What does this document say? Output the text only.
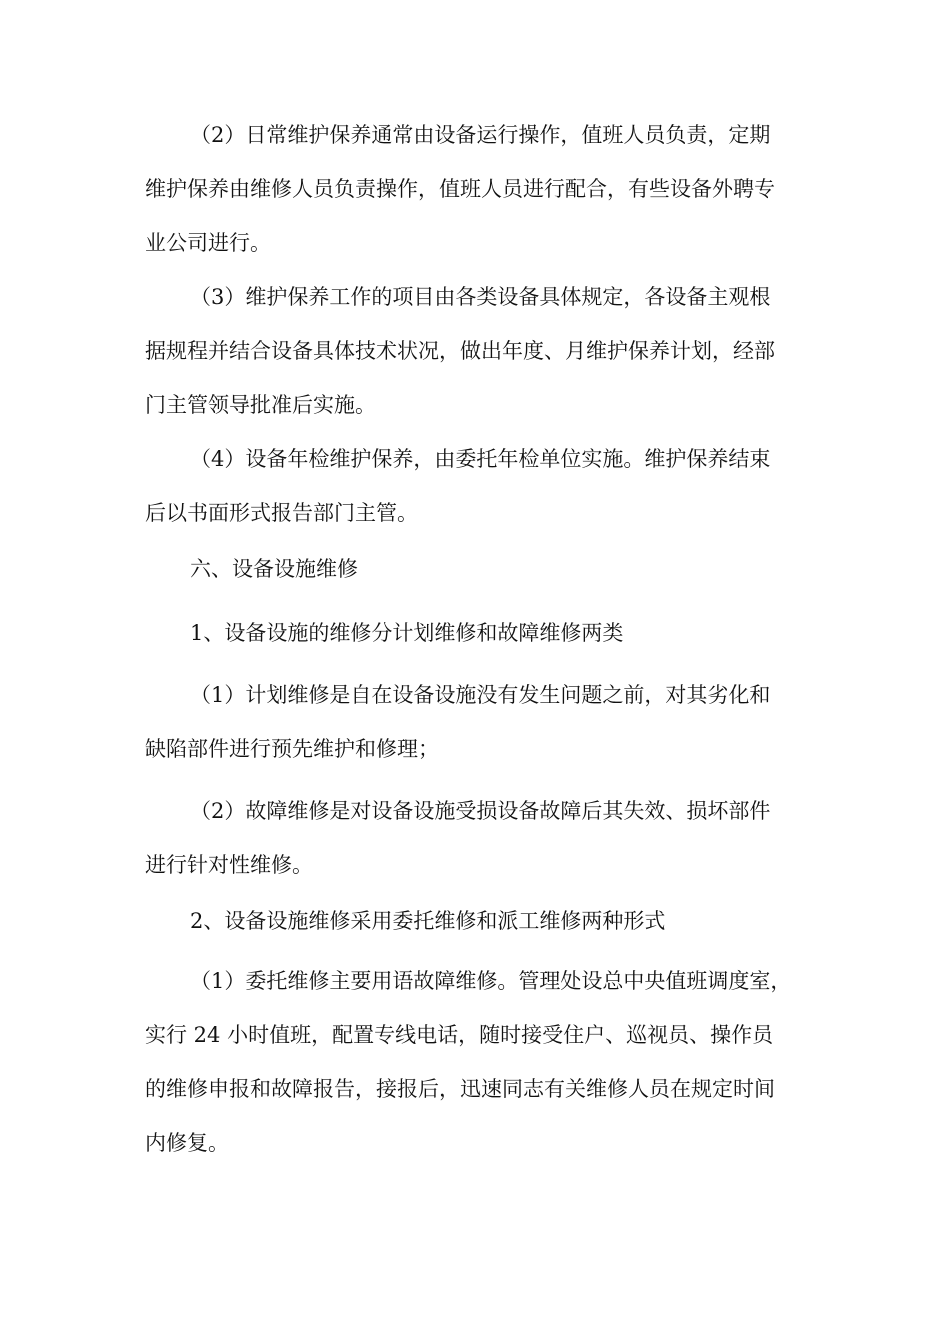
（2）日常维护保养通常由设备运行操作，值班人员负责，定期
维护保养由维修人员负责操作，值班人员进行配合，有些设备外聘专
业公司进行。
（3）维护保养工作的项目由各类设备具体规定，各设备主观根
据规程并结合设备具体技术状况，做出年度、月维护保养计划，经部
门主管领导批准后实施。
（4）设备年检维护保养，由委托年检单位实施。维护保养结束
后以书面形式报告部门主管。
六、设备设施维修
1、设备设施的维修分计划维修和故障维修两类
（1）计划维修是自在设备设施没有发生问题之前，对其劣化和
缺陷部件进行预先维护和修理；
（2）故障维修是对设备设施受损设备故障后其失效、损坏部件
进行针对性维修。
2、设备设施维修采用委托维修和派工维修两种形式
（1）委托维修主要用语故障维修。管理处设总中央值班调度室，
实行 24 小时值班，配置专线电话，随时接受住户、巡视员、操作员
的维修申报和故障报告，接报后，迅速同志有关维修人员在规定时间
内修复。
